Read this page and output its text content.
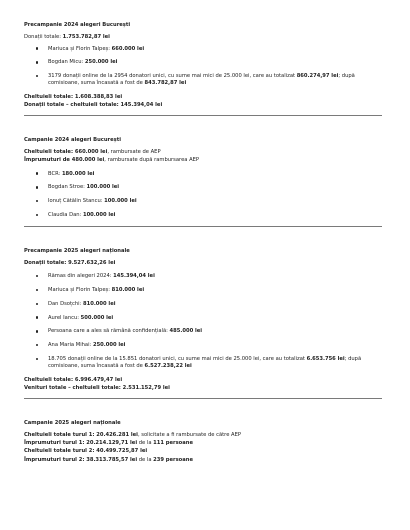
Precampanie 2024 alegeri București
Donații totale: 1.753.782,87 lei
Mariuca și Florin Talpeș: 660.000 lei
Bogdan Micu: 250.000 lei
3179 donații online de la 2954 donatori unici, cu sume mai mici de 25.000 lei, care au totalizat 860.274,97 lei; după comisioane, suma încasată a fost de 843.782,87 lei
Cheltuieli totale: 1.608.388,83 lei
Donații totale – cheltuieli totale: 145.394,04 lei
Campanie 2024 alegeri București
Cheltuieli totale: 660.000 lei, rambursate de AEP
Împrumuturi de 480.000 lei, rambursate după rambursarea AEP
BCR: 180.000 lei
Bogdan Stroe: 100.000 lei
Ionuț Cătălin Stancu: 100.000 lei
Claudia Dan: 100.000 lei
Precampanie 2025 alegeri naționale
Donații totale: 9.527.632,26 lei
Rămas din alegeri 2024: 145.394,04 lei
Mariuca și Florin Talpeș: 810.000 lei
Dan Dsoțchi: 810.000 lei
Aurel Iancu: 500.000 lei
Persoana care a ales să rămână confidențială: 485.000 lei
Ana Maria Mihai: 250.000 lei
18.705 donații online de la 15.851 donatori unici, cu sume mai mici de 25.000 lei, care au totalizat 6.653.756 lei; după comisioane, suma încasată a fost de 6.527.238,22 lei
Cheltuieli totale: 6.996.479,47 lei
Venituri totale – cheltuieli totale: 2.531.152,79 lei
Campanie 2025 alegeri naționale
Cheltuieli totale turul 1: 20.426.281 lei, solicitate a fi rambursate de către AEP
Împrumuturi turul 1: 20.214.129,71 lei de la 111 persoane
Cheltuieli totale turul 2: 40.499.725,87 lei
Împrumuturi turul 2: 38.313.785,57 lei de la 239 persoane
